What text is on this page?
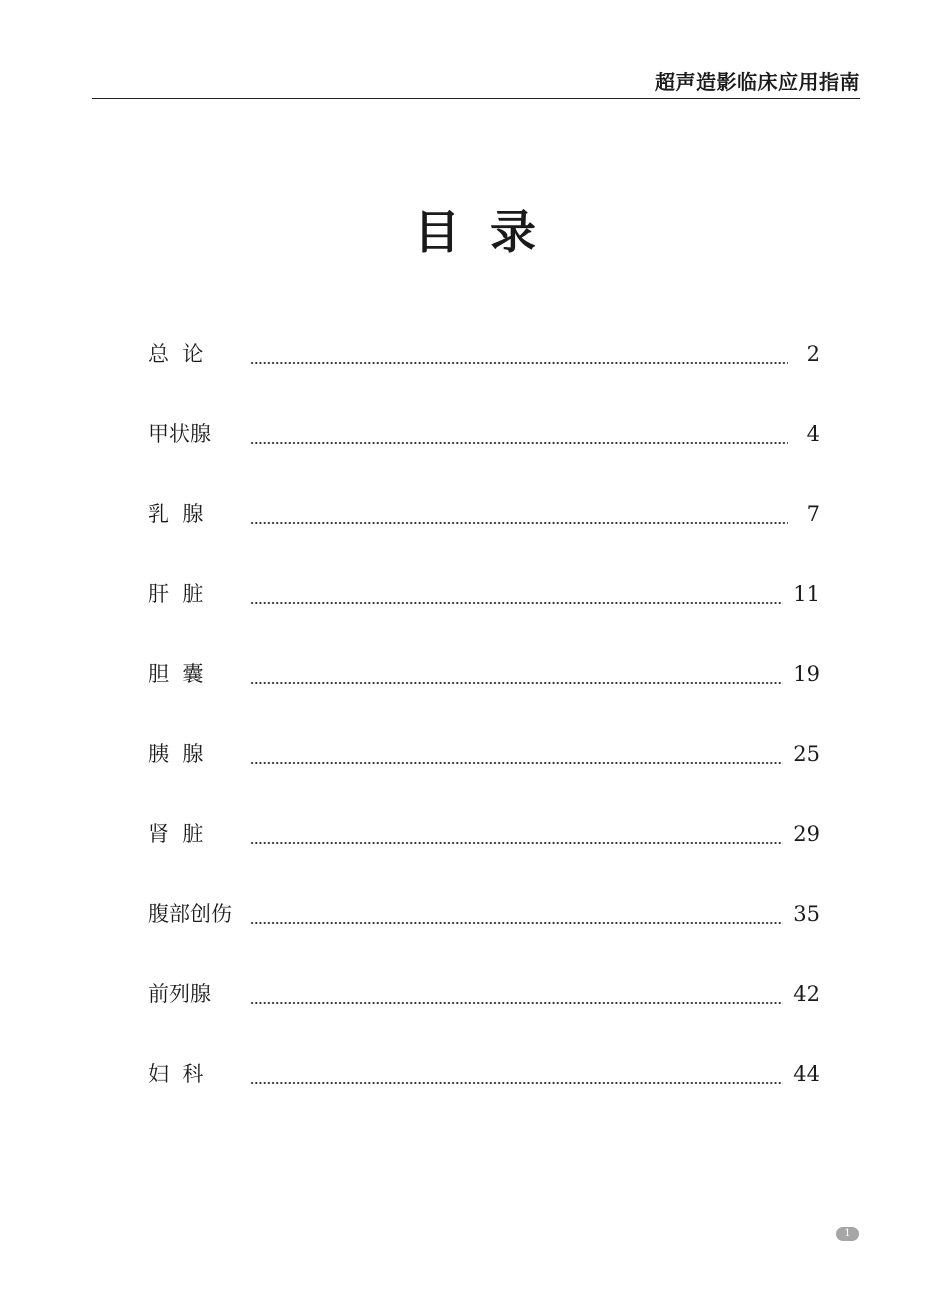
超声造影临床应用指南
目录
总  论	2
甲状腺	4
乳  腺	7
肝  脏	11
胆  囊	19
胰  腺	25
肾  脏	29
腹部创伤	35
前列腺	42
妇  科	44
1
